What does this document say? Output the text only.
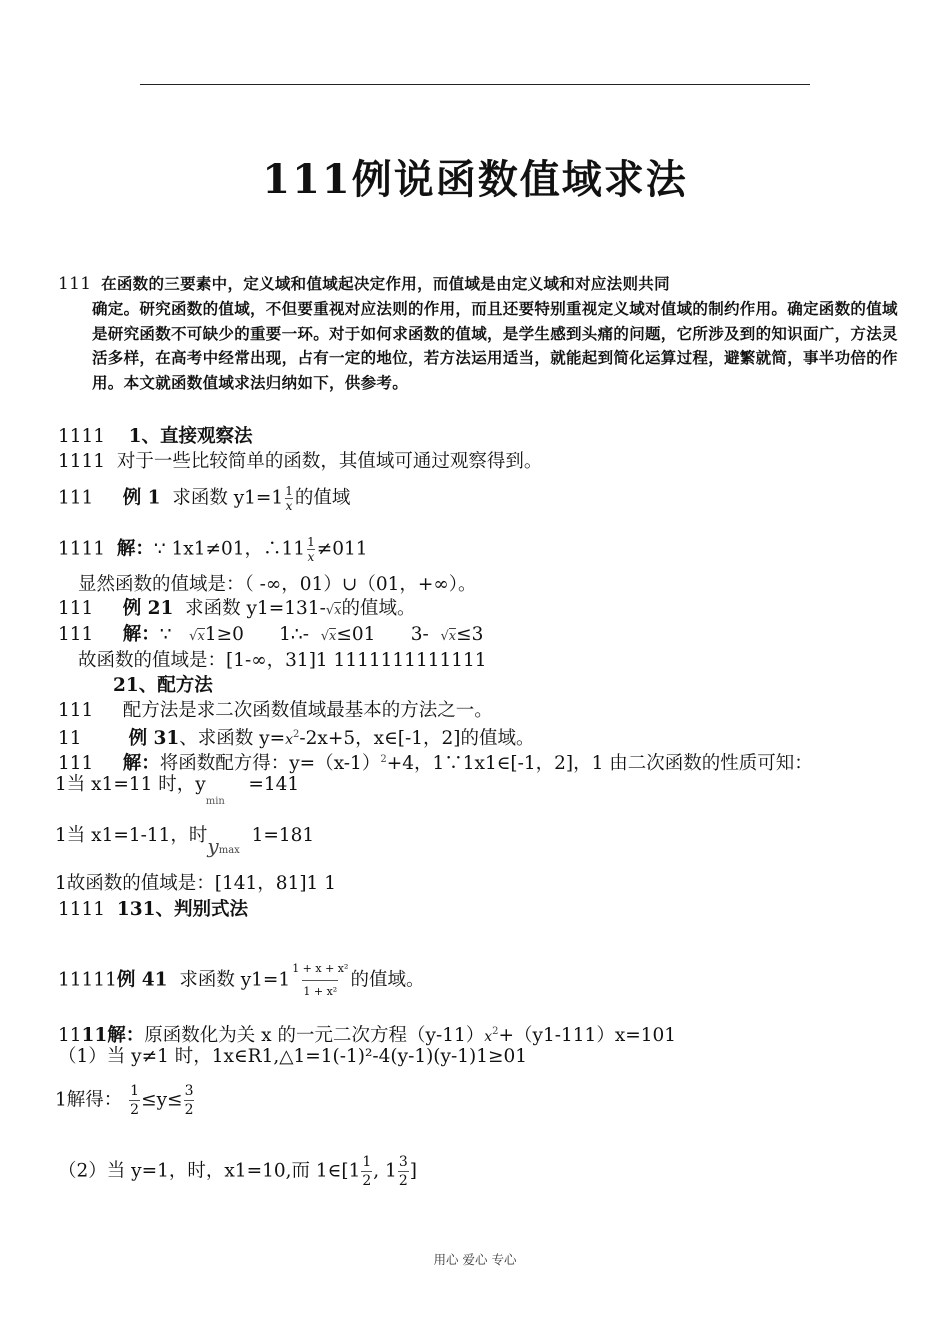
111例说函数值域求法
111 在函数的三要素中，定义域和值域起决定作用，而值域是由定义域和对应法则共同
确定。研究函数的值域，不但要重视对应法则的作用，而且还要特别重视定义域对值域的制约作用。确定函数的值域是研究函数不可缺少的重要一环。对于如何求函数的值域，是学生感到头痛的问题，它所涉及到的知识面广，方法灵活多样，在高考中经常出现，占有一定的地位，若方法运用适当，就能起到简化运算过程，避繁就简，事半功倍的作用。本文就函数值域求法归纳如下，供参考。
1111 1、直接观察法
1111 对于一些比较简单的函数，其值域可通过观察得到。
111 例 1 求函数 $y1=1 \frac{1}{x}$ 的值域
1111 解：∵ 1x1≠01，∴11 $\frac{1}{x} \ne 011$
显然函数的值域是：（ -∞，01）∪（01，+∞）。
111 例 21 求函数 y1=131-√x的值域。
111 解：∵ √x1≥0 1∴- √x≤01 3- √x≤3
故函数的值域是：[1-∞，31]1 1111111111111
21、配方法
111 配方法是求二次函数值域最基本的方法之一。
11	例 31、求函数 $y=x^2-2x+5$，x∈[-1，2]的值域。
111 解：将函数配方得：$y=(x-1)^2+4$，1∵1x1∈[-1，2]，1 由二次函数的性质可知：
1当 x1=11 时，$y_{min}$    =141
1当 x1=1-11，时ymax  1=181
1故函数的值域是：[141，81]1 1
1111 131、判别式法
11111例 41 求函数 $y1=1 \frac{\text{1 + x + x²}}{\text{1 + x²}}$ 的值域。
1111解：原函数化为关 x 的一元二次方程$(y-11)x^2+(y1-111)x=101$
（1）当 y≠1 时，1x∈R1,△1=1(-1)²-4(y-1)(y-1)1≥01
1解得： $\frac{1}{2} \le y\le \frac{3}{2}$
（2）当 y=1，时，x1=10,而 1∈[1 $\frac{1}{2}$ , $1 \frac{3}{2}$ ]
用心 爱心 专心
